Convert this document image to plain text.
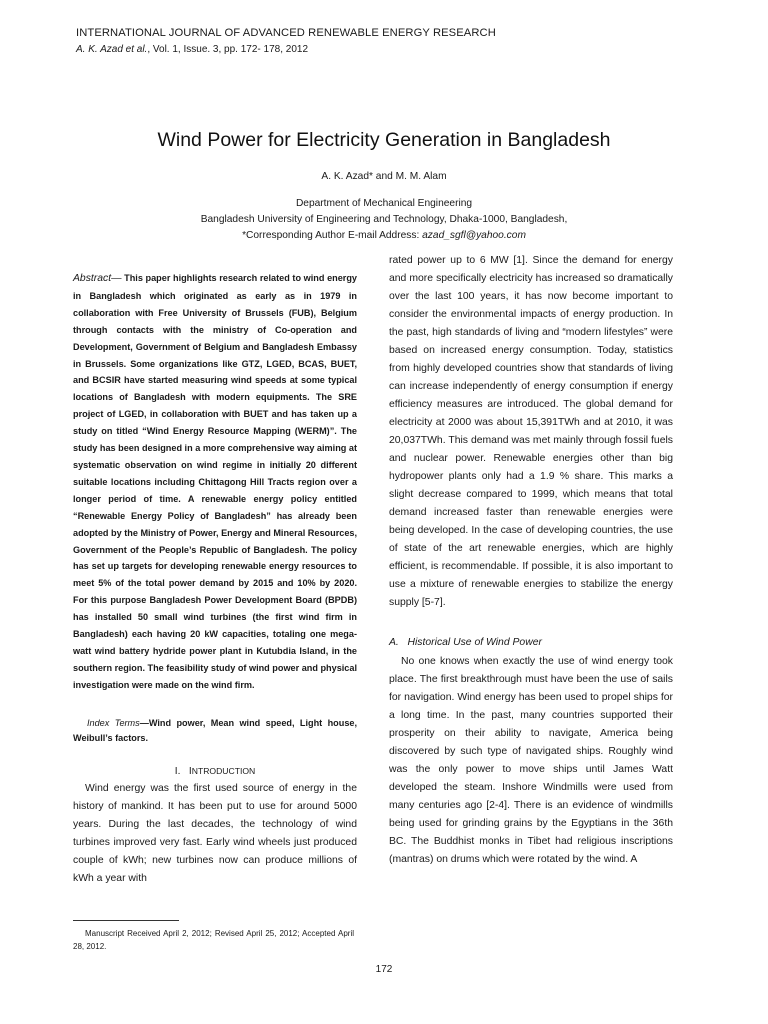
INTERNATIONAL JOURNAL OF ADVANCED RENEWABLE ENERGY RESEARCH
A. K. Azad et al., Vol. 1, Issue. 3, pp. 172- 178, 2012
Wind Power for Electricity Generation in Bangladesh
A. K. Azad* and M. M. Alam
Department of Mechanical Engineering
Bangladesh University of Engineering and Technology, Dhaka-1000, Bangladesh,
*Corresponding Author E-mail Address: azad_sgfl@yahoo.com

Abstract— This paper highlights research related to wind energy in Bangladesh which originated as early as in 1979 in collaboration with Free University of Brussels (FUB), Belgium through contacts with the ministry of Co-operation and Development, Government of Belgium and Bangladesh Embassy in Brussels. Some organizations like GTZ, LGED, BCAS, BUET, and BCSIR have started measuring wind speeds at some typical locations of Bangladesh with modern equipments. The SRE project of LGED, in collaboration with BUET and has taken up a study on titled “Wind Energy Resource Mapping (WERM)”. The study has been designed in a more comprehensive way aiming at systematic observation on wind regime in initially 20 different suitable locations including Chittagong Hill Tracts region over a longer period of time. A renewable energy policy entitled “Renewable Energy Policy of Bangladesh” has already been adopted by the Ministry of Power, Energy and Mineral Resources, Government of the People’s Republic of Bangladesh. The policy has set up targets for developing renewable energy resources to meet 5% of the total power demand by 2015 and 10% by 2020. For this purpose Bangladesh Power Development Board (BPDB) has installed 50 small wind turbines (the first wind firm in Bangladesh) each having 20 kW capacities, totaling one mega-watt wind battery hydride power plant in Kutubdia Island, in the southern region. The feasibility study of wind power and physical investigation were made on the wind firm.

Index Terms—Wind power, Mean wind speed, Light house, Weibull’s factors.

I. INTRODUCTION

Wind energy was the first used source of energy in the history of mankind. It has been put to use for around 5000 years. During the last decades, the technology of wind turbines improved very fast. Early wind wheels just produced couple of kWh; new turbines now can produce millions of kWh a year with

Manuscript Received April 2, 2012; Revised April 25, 2012; Accepted April 28, 2012.

rated power up to 6 MW [1]. Since the demand for energy and more specifically electricity has increased so dramatically over the last 100 years, it has now become important to consider the environmental impacts of energy production. In the past, high standards of living and “modern lifestyles” were based on increased energy consumption. Today, statistics from highly developed countries show that standards of living can increase independently of energy consumption if energy efficiency measures are introduced. The global demand for electricity at 2000 was about 15,391TWh and at 2010, it was 20,037TWh. This demand was met mainly through fossil fuels and nuclear power. Renewable energies other than big hydropower plants only had a 1.9 % share. This marks a slight decrease compared to 1999, which means that total demand increased faster than renewable energies were being developed. In the case of developing countries, the use of state of the art renewable energies, which are highly efficient, is recommendable. If possible, it is also important to use a mixture of renewable energies to stabilize the energy supply [5-7].

A. Historical Use of Wind Power

No one knows when exactly the use of wind energy took place. The first breakthrough must have been the use of sails for navigation. Wind energy has been used to propel ships for a long time. In the past, many countries supported their prosperity on their ability to navigate, America being discovered by such type of navigated ships. Roughly wind was the only power to move ships until James Watt developed the steam. Inshore Windmills were used from many centuries ago [2-4]. There is an evidence of windmills being used for grinding grains by the Egyptians in the 36th BC. The Buddhist monks in Tibet had religious inscriptions (mantras) on drums which were rotated by the wind. A

172
